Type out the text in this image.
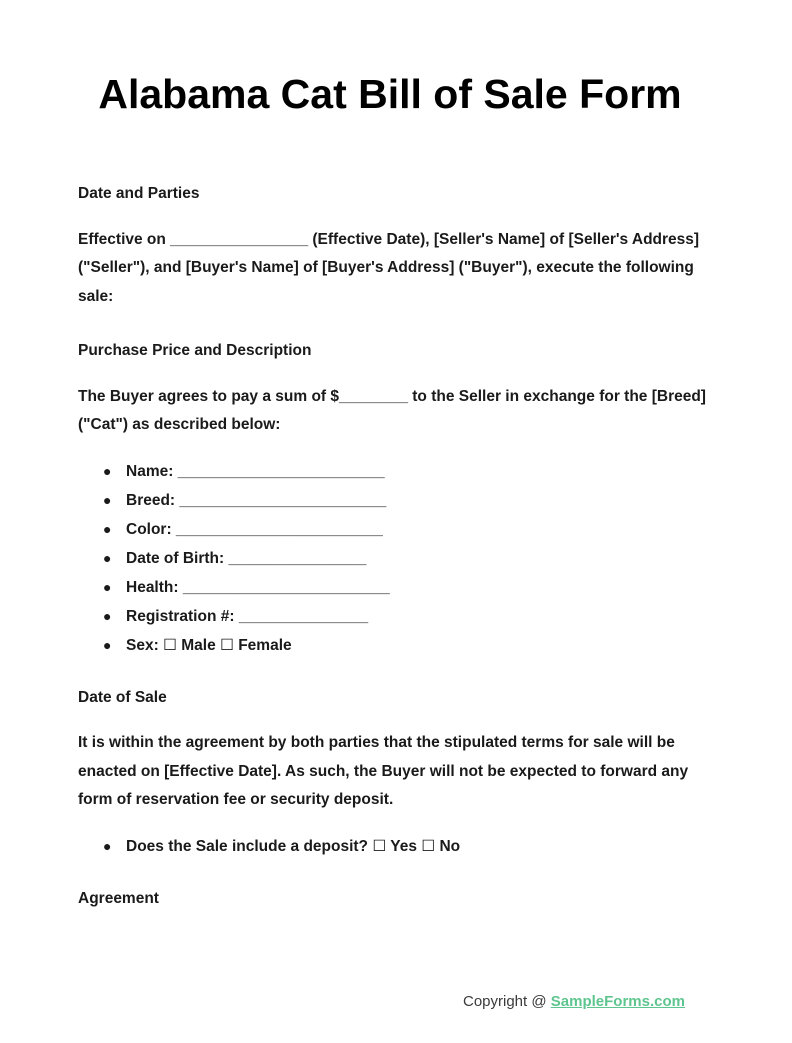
Alabama Cat Bill of Sale Form
Date and Parties

Effective on ________________ (Effective Date), [Seller's Name] of [Seller's Address] ("Seller"), and [Buyer's Name] of [Buyer's Address] ("Buyer"), execute the following sale:

Purchase Price and Description

The Buyer agrees to pay a sum of $________ to the Seller in exchange for the [Breed] ("Cat") as described below:

● Name: ________________________
● Breed: ________________________
● Color: ________________________
● Date of Birth: ________________
● Health: ________________________
● Registration #: _______________
● Sex: ☐ Male ☐ Female
Date of Sale

It is within the agreement by both parties that the stipulated terms for sale will be enacted on [Effective Date]. As such, the Buyer will not be expected to forward any form of reservation fee or security deposit.

● Does the Sale include a deposit? ☐ Yes ☐ No
Agreement
Copyright @ SampleForms.com
